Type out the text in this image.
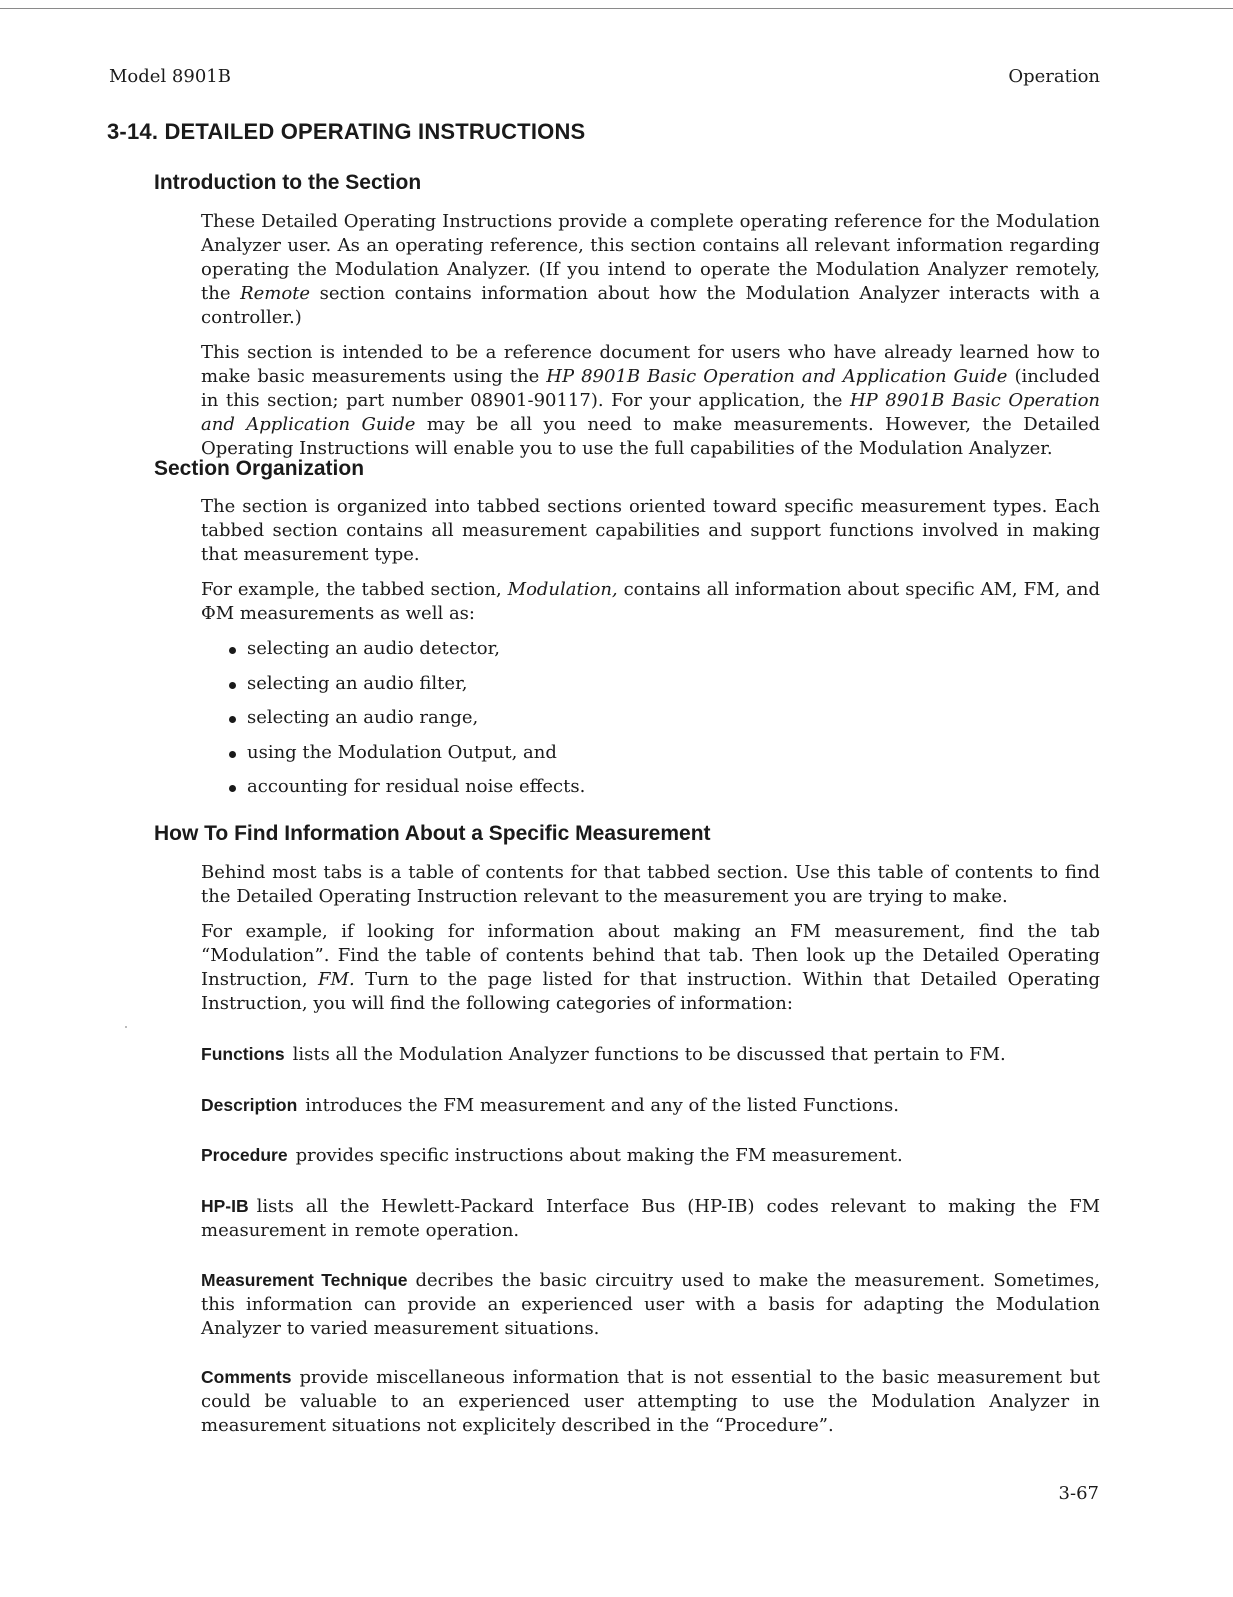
Model 8901B	Operation
3-14. DETAILED OPERATING INSTRUCTIONS
Introduction to the Section

These Detailed Operating Instructions provide a complete operating reference for the Modulation Analyzer user. As an operating reference, this section contains all relevant information regarding operating the Modulation Analyzer. (If you intend to operate the Modulation Analyzer remotely, the Remote section contains information about how the Modulation Analyzer interacts with a controller.)

This section is intended to be a reference document for users who have already learned how to make basic measurements using the HP 8901B Basic Operation and Application Guide (included in this section; part number 08901-90117). For your application, the HP 8901B Basic Operation and Application Guide may be all you need to make measurements. However, the Detailed Operating Instructions will enable you to use the full capabilities of the Modulation Analyzer.

Section Organization

The section is organized into tabbed sections oriented toward specific measurement types. Each tabbed section contains all measurement capabilities and support functions involved in making that measurement type.

For example, the tabbed section, Modulation, contains all information about specific AM, FM, and ΦM measurements as well as:

selecting an audio detector,
selecting an audio filter,
selecting an audio range,
using the Modulation Output, and
accounting for residual noise effects.
How To Find Information About a Specific Measurement

Behind most tabs is a table of contents for that tabbed section. Use this table of contents to find the Detailed Operating Instruction relevant to the measurement you are trying to make.

For example, if looking for information about making an FM measurement, find the tab “Modulation”. Find the table of contents behind that tab. Then look up the Detailed Operating Instruction, FM. Turn to the page listed for that instruction. Within that Detailed Operating Instruction, you will find the following categories of information:

Functions lists all the Modulation Analyzer functions to be discussed that pertain to FM.

Description introduces the FM measurement and any of the listed Functions.

Procedure provides specific instructions about making the FM measurement.

HP-IB lists all the Hewlett-Packard Interface Bus (HP-IB) codes relevant to making the FM measurement in remote operation.

Measurement Technique decribes the basic circuitry used to make the measurement. Sometimes, this information can provide an experienced user with a basis for adapting the Modulation Analyzer to varied measurement situations.

Comments provide miscellaneous information that is not essential to the basic measurement but could be valuable to an experienced user attempting to use the Modulation Analyzer in measurement situations not explicitely described in the “Procedure”.

3-67
